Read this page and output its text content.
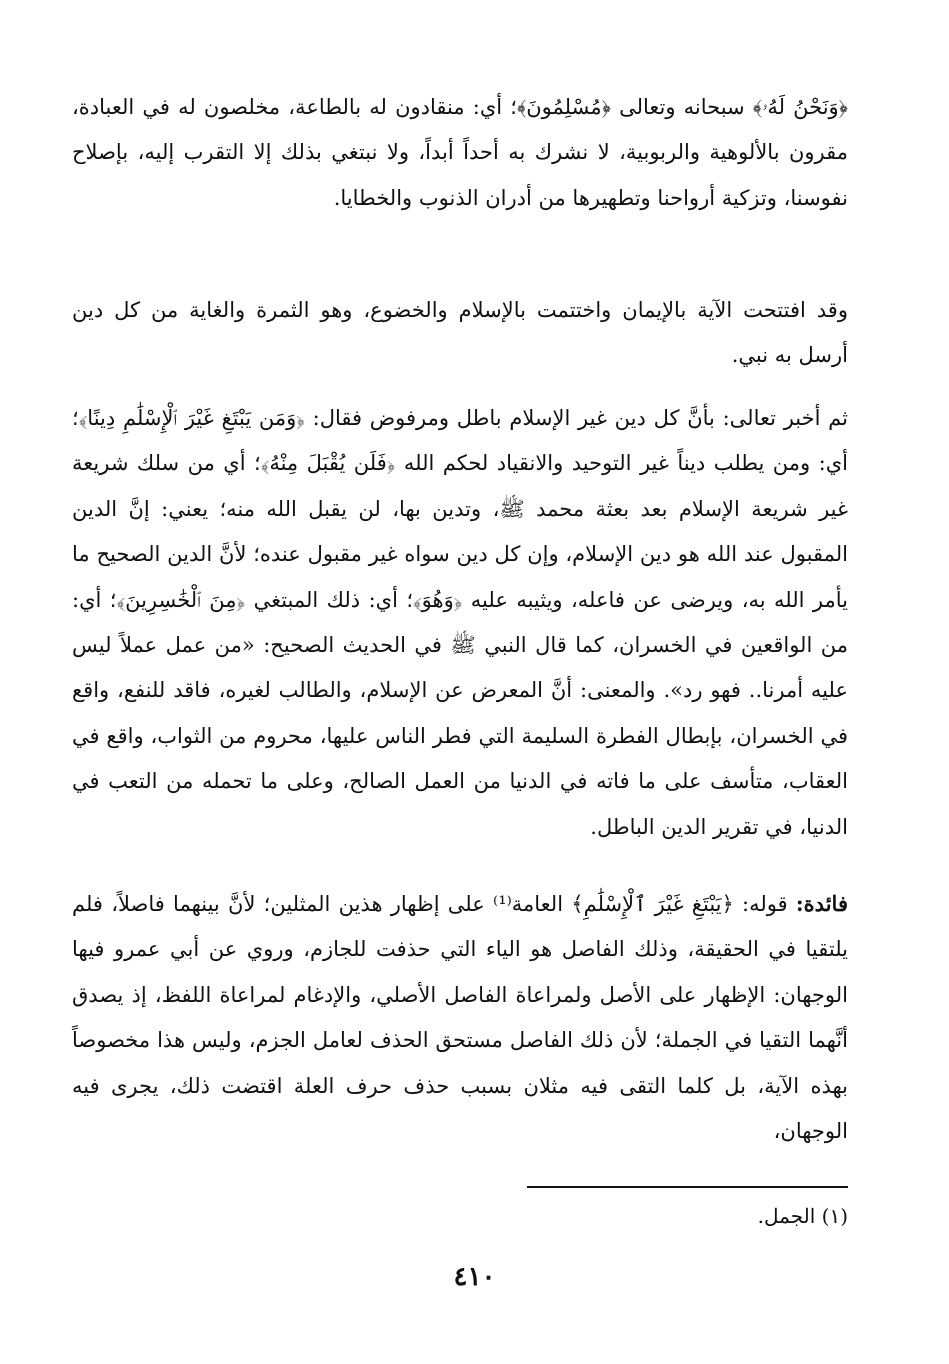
﴿وَنَحْنُ لَهُۥ﴾ سبحانه وتعالى ﴿مُسْلِمُونَ﴾؛ أي: منقادون له بالطاعة، مخلصون له في العبادة، مقرون بالألوهية والربوبية، لا نشرك به أحداً أبداً، ولا نبتغي بذلك إلا التقرب إليه، بإصلاح نفوسنا، وتزكية أرواحنا وتطهيرها من أدران الذنوب والخطايا.

وقد افتتحت الآية بالإيمان واختتمت بالإسلام والخضوع، وهو الثمرة والغاية من كل دين أرسل به نبي.

ثم أخبر تعالى: بأنَّ كل دين غير الإسلام باطل ومرفوض فقال: ﴿وَمَن يَبْتَغِ غَيْرَ ٱلْإِسْلَٰمِ دِينًا﴾؛ أي: ومن يطلب ديناً غير التوحيد والانقياد لحكم الله ﴿فَلَن يُقْبَلَ مِنْهُ﴾؛ أي من سلك شريعة غير شريعة الإسلام بعد بعثة محمد ﷺ، وتدين بها، لن يقبل الله منه؛ يعني: إنَّ الدين المقبول عند الله هو دين الإسلام، وإن كل دين سواه غير مقبول عنده؛ لأنَّ الدين الصحيح ما يأمر الله به، ويرضى عن فاعله، ويثيبه عليه ﴿وَهُوَ﴾؛ أي: ذلك المبتغي ﴿مِنَ ٱلْخَٰسِرِينَ﴾؛ أي: من الواقعين في الخسران، كما قال النبي ﷺ في الحديث الصحيح: «من عمل عملاً ليس عليه أمرنا.. فهو رد». والمعنى: أنَّ المعرض عن الإسلام، والطالب لغيره، فاقد للنفع، واقع في الخسران، بإبطال الفطرة السليمة التي فطر الناس عليها، محروم من الثواب، واقع في العقاب، متأسف على ما فاته في الدنيا من العمل الصالح، وعلى ما تحمله من التعب في الدنيا، في تقرير الدين الباطل.

فائدة: قوله: ﴿يَبْتَغِ غَيْرَ ٱلْإِسْلَٰمِ﴾ العامة⁽¹⁾ على إظهار هذين المثلين؛ لأنَّ بينهما فاصلاً، فلم يلتقيا في الحقيقة، وذلك الفاصل هو الياء التي حذفت للجازم، وروي عن أبي عمرو فيها الوجهان: الإظهار على الأصل ولمراعاة الفاصل الأصلي، والإدغام لمراعاة اللفظ، إذ يصدق أنَّهما التقيا في الجملة؛ لأن ذلك الفاصل مستحق الحذف لعامل الجزم، وليس هذا مخصوصاً بهذه الآية، بل كلما التقى فيه مثلان بسبب حذف حرف العلة اقتضت ذلك، يجرى فيه الوجهان،

(١) الجمل.
٤١٠
